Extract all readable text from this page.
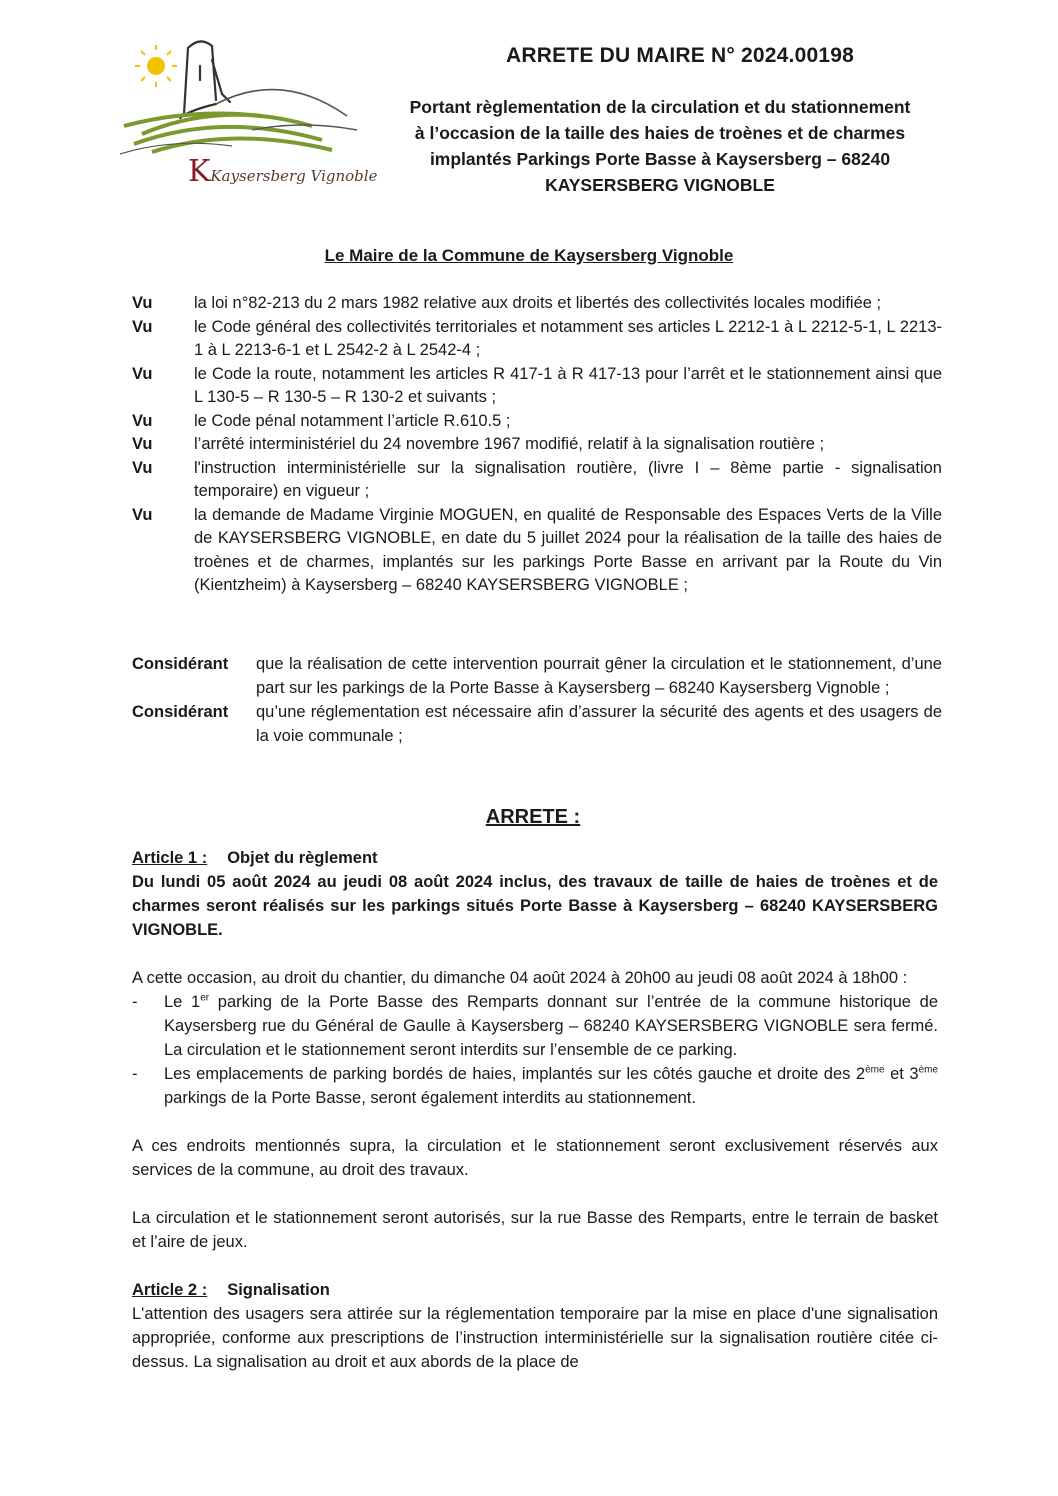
KKaysersberg Vignoble
ARRETE DU MAIRE N° 2024.00198
Portant règlementation de la circulation et du stationnement
à l’occasion de la taille des haies de troènes et de charmes
implantés Parkings Porte Basse à Kaysersberg – 68240
KAYSERSBERG VIGNOBLE
Le Maire de la Commune de Kaysersberg Vignoble
Vu	la loi n°82-213 du 2 mars 1982 relative aux droits et libertés des collectivités locales modifiée ;
Vu	le Code général des collectivités territoriales et notamment ses articles L 2212-1 à L 2212-5-1, L 2213-1 à L 2213-6-1 et L 2542-2 à L 2542-4 ;
Vu	le Code la route, notamment les articles R 417-1 à R 417-13 pour l’arrêt et le stationnement ainsi que L 130-5 – R 130-5 – R 130-2 et suivants ;
Vu	le Code pénal notamment l’article R.610.5 ;
Vu	l’arrêté interministériel du 24 novembre 1967 modifié, relatif à la signalisation routière ;
Vu	l'instruction interministérielle sur la signalisation routière, (livre I – 8ème partie - signalisation temporaire) en vigueur ;
Vu	la demande de Madame Virginie MOGUEN, en qualité de Responsable des Espaces Verts de la Ville de KAYSERSBERG VIGNOBLE, en date du 5 juillet 2024 pour la réalisation de la taille des haies de troènes et de charmes, implantés sur les parkings Porte Basse en arrivant par la Route du Vin (Kientzheim) à Kaysersberg – 68240 KAYSERSBERG VIGNOBLE ;
Considérant	que la réalisation de cette intervention pourrait gêner la circulation et le stationnement, d’une part sur les parkings de la Porte Basse à Kaysersberg – 68240 Kaysersberg Vignoble ;
Considérant	qu’une réglementation est nécessaire afin d’assurer la sécurité des agents et des usagers de la voie communale ;
ARRETE :
Article 1 : Objet du règlement

Du lundi 05 août 2024 au jeudi 08 août 2024 inclus, des travaux de taille de haies de troènes et de charmes seront réalisés sur les parkings situés Porte Basse à Kaysersberg – 68240 KAYSERSBERG VIGNOBLE.

A cette occasion, au droit du chantier, du dimanche 04 août 2024 à 20h00 au jeudi 08 août 2024 à 18h00 :

-	Le 1er parking de la Porte Basse des Remparts donnant sur l’entrée de la commune historique de Kaysersberg rue du Général de Gaulle à Kaysersberg – 68240 KAYSERSBERG VIGNOBLE sera fermé. La circulation et le stationnement seront interdits sur l’ensemble de ce parking.
-	Les emplacements de parking bordés de haies, implantés sur les côtés gauche et droite des 2ème et 3ème parkings de la Porte Basse, seront également interdits au stationnement.

A ces endroits mentionnés supra, la circulation et le stationnement seront exclusivement réservés aux services de la commune, au droit des travaux.

La circulation et le stationnement seront autorisés, sur la rue Basse des Remparts, entre le terrain de basket et l’aire de jeux.

Article 2 : Signalisation

L'attention des usagers sera attirée sur la réglementation temporaire par la mise en place d'une signalisation appropriée, conforme aux prescriptions de l’instruction interministérielle sur la signalisation routière citée ci-dessus. La signalisation au droit et aux abords de la place de
